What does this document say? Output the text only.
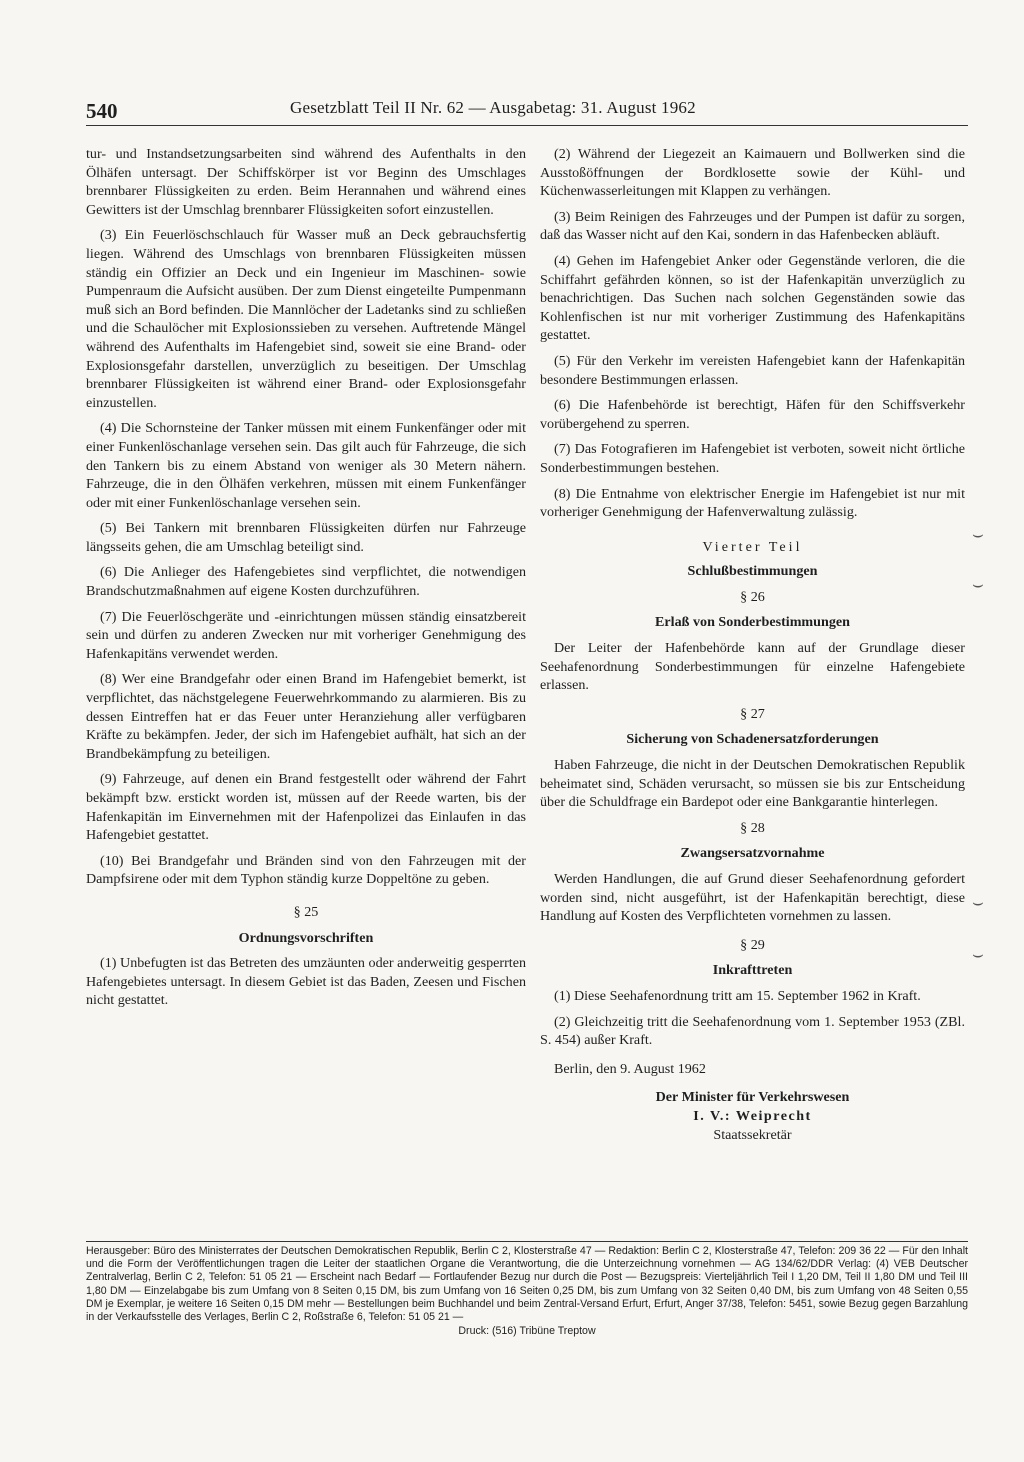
540	Gesetzblatt Teil II Nr. 62 — Ausgabetag: 31. August 1962

tur- und Instandsetzungsarbeiten sind während des Aufenthalts in den Ölhäfen untersagt. Der Schiffskörper ist vor Beginn des Umschlages brennbarer Flüssigkeiten zu erden. Beim Herannahen und während eines Gewitters ist der Umschlag brennbarer Flüssigkeiten sofort einzustellen.

(3) Ein Feuerlöschschlauch für Wasser muß an Deck gebrauchsfertig liegen. Während des Umschlags von brennbaren Flüssigkeiten müssen ständig ein Offizier an Deck und ein Ingenieur im Maschinen- sowie Pumpenraum die Aufsicht ausüben. Der zum Dienst eingeteilte Pumpenmann muß sich an Bord befinden. Die Mannlöcher der Ladetanks sind zu schließen und die Schaulöcher mit Explosionssieben zu versehen. Auftretende Mängel während des Aufenthalts im Hafengebiet sind, soweit sie eine Brand- oder Explosionsgefahr darstellen, unverzüglich zu beseitigen. Der Umschlag brennbarer Flüssigkeiten ist während einer Brand- oder Explosionsgefahr einzustellen.

(4) Die Schornsteine der Tanker müssen mit einem Funkenfänger oder mit einer Funkenlöschanlage versehen sein. Das gilt auch für Fahrzeuge, die sich den Tankern bis zu einem Abstand von weniger als 30 Metern nähern. Fahrzeuge, die in den Ölhäfen verkehren, müssen mit einem Funkenfänger oder mit einer Funkenlöschanlage versehen sein.

(5) Bei Tankern mit brennbaren Flüssigkeiten dürfen nur Fahrzeuge längsseits gehen, die am Umschlag beteiligt sind.

(6) Die Anlieger des Hafengebietes sind verpflichtet, die notwendigen Brandschutzmaßnahmen auf eigene Kosten durchzuführen.

(7) Die Feuerlöschgeräte und -einrichtungen müssen ständig einsatzbereit sein und dürfen zu anderen Zwecken nur mit vorheriger Genehmigung des Hafenkapitäns verwendet werden.

(8) Wer eine Brandgefahr oder einen Brand im Hafengebiet bemerkt, ist verpflichtet, das nächstgelegene Feuerwehrkommando zu alarmieren. Bis zu dessen Eintreffen hat er das Feuer unter Heranziehung aller verfügbaren Kräfte zu bekämpfen. Jeder, der sich im Hafengebiet aufhält, hat sich an der Brandbekämpfung zu beteiligen.

(9) Fahrzeuge, auf denen ein Brand festgestellt oder während der Fahrt bekämpft bzw. erstickt worden ist, müssen auf der Reede warten, bis der Hafenkapitän im Einvernehmen mit der Hafenpolizei das Einlaufen in das Hafengebiet gestattet.

(10) Bei Brandgefahr und Bränden sind von den Fahrzeugen mit der Dampfsirene oder mit dem Typhon ständig kurze Doppeltöne zu geben.

§ 25

Ordnungsvorschriften

(1) Unbefugten ist das Betreten des umzäunten oder anderweitig gesperrten Hafengebietes untersagt. In diesem Gebiet ist das Baden, Zeesen und Fischen nicht gestattet.

(2) Während der Liegezeit an Kaimauern und Bollwerken sind die Ausstoßöffnungen der Bordklosette sowie der Kühl- und Küchenwasserleitungen mit Klappen zu verhängen.

(3) Beim Reinigen des Fahrzeuges und der Pumpen ist dafür zu sorgen, daß das Wasser nicht auf den Kai, sondern in das Hafenbecken abläuft.

(4) Gehen im Hafengebiet Anker oder Gegenstände verloren, die die Schiffahrt gefährden können, so ist der Hafenkapitän unverzüglich zu benachrichtigen. Das Suchen nach solchen Gegenständen sowie das Kohlenfischen ist nur mit vorheriger Zustimmung des Hafenkapitäns gestattet.

(5) Für den Verkehr im vereisten Hafengebiet kann der Hafenkapitän besondere Bestimmungen erlassen.

(6) Die Hafenbehörde ist berechtigt, Häfen für den Schiffsverkehr vorübergehend zu sperren.

(7) Das Fotografieren im Hafengebiet ist verboten, soweit nicht örtliche Sonderbestimmungen bestehen.

(8) Die Entnahme von elektrischer Energie im Hafengebiet ist nur mit vorheriger Genehmigung der Hafenverwaltung zulässig.

Vierter Teil

Schlußbestimmungen

§ 26

Erlaß von Sonderbestimmungen

Der Leiter der Hafenbehörde kann auf der Grundlage dieser Seehafenordnung Sonderbestimmungen für einzelne Hafengebiete erlassen.

§ 27

Sicherung von Schadenersatzforderungen

Haben Fahrzeuge, die nicht in der Deutschen Demokratischen Republik beheimatet sind, Schäden verursacht, so müssen sie bis zur Entscheidung über die Schuldfrage ein Bardepot oder eine Bankgarantie hinterlegen.

§ 28

Zwangsersatzvornahme

Werden Handlungen, die auf Grund dieser Seehafenordnung gefordert worden sind, nicht ausgeführt, ist der Hafenkapitän berechtigt, diese Handlung auf Kosten des Verpflichteten vornehmen zu lassen.

§ 29

Inkrafttreten

(1) Diese Seehafenordnung tritt am 15. September 1962 in Kraft.

(2) Gleichzeitig tritt die Seehafenordnung vom 1. September 1953 (ZBl. S. 454) außer Kraft.

Berlin, den 9. August 1962

Der Minister für Verkehrswesen
I. V.: Weiprecht
Staatssekretär
Herausgeber: Büro des Ministerrates der Deutschen Demokratischen Republik, Berlin C 2, Klosterstraße 47 — Redaktion: Berlin C 2, Klosterstraße 47, Telefon: 209 36 22 — Für den Inhalt und die Form der Veröffentlichungen tragen die Leiter der staatlichen Organe die Verantwortung, die die Unterzeichnung vornehmen — AG 134/62/DDR Verlag: (4) VEB Deutscher Zentralverlag, Berlin C 2, Telefon: 51 05 21 — Erscheint nach Bedarf — Fortlaufender Bezug nur durch die Post — Bezugspreis: Vierteljährlich Teil I 1,20 DM, Teil II 1,80 DM und Teil III 1,80 DM — Einzelabgabe bis zum Umfang von 8 Seiten 0,15 DM, bis zum Umfang von 16 Seiten 0,25 DM, bis zum Umfang von 32 Seiten 0,40 DM, bis zum Umfang von 48 Seiten 0,55 DM je Exemplar, je weitere 16 Seiten 0,15 DM mehr — Bestellungen beim Buchhandel und beim Zentral-Versand Erfurt, Erfurt, Anger 37/38, Telefon: 5451, sowie Bezug gegen Barzahlung in der Verkaufsstelle des Verlages, Berlin C 2, Roßstraße 6, Telefon: 51 05 21 —
Druck: (516) Tribüne Treptow
⌣
⌣
⌣
⌣
